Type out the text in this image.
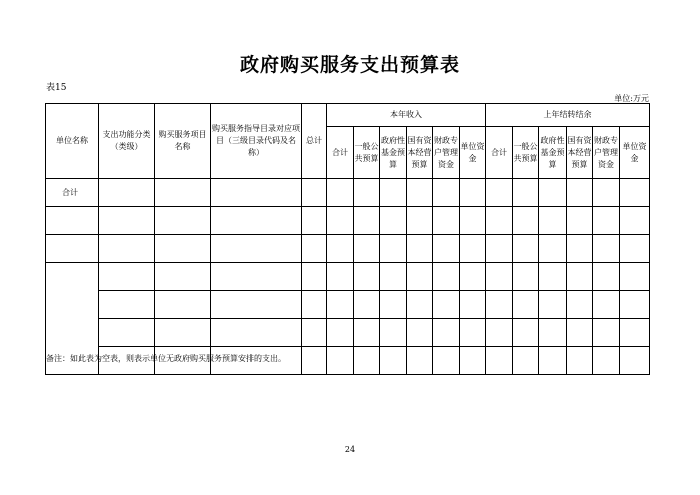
政府购买服务支出预算表
表15
单位:万元
单位名称	支出功能分类（类级）	购买服务项目名称	购买服务指导目录对应项目（三级目录代码及名称）	总计	本年收入						上年结转结余					
					合计	一般公共预算	政府性基金预算	国有资本经营预算	财政专户管理资金	单位资金	合计	一般公共预算	政府性基金预算	国有资本经营预算	财政专户管理资金	单位资金
合计																

备注：如此表为空表，则表示单位无政府购买服务预算安排的支出。
24
